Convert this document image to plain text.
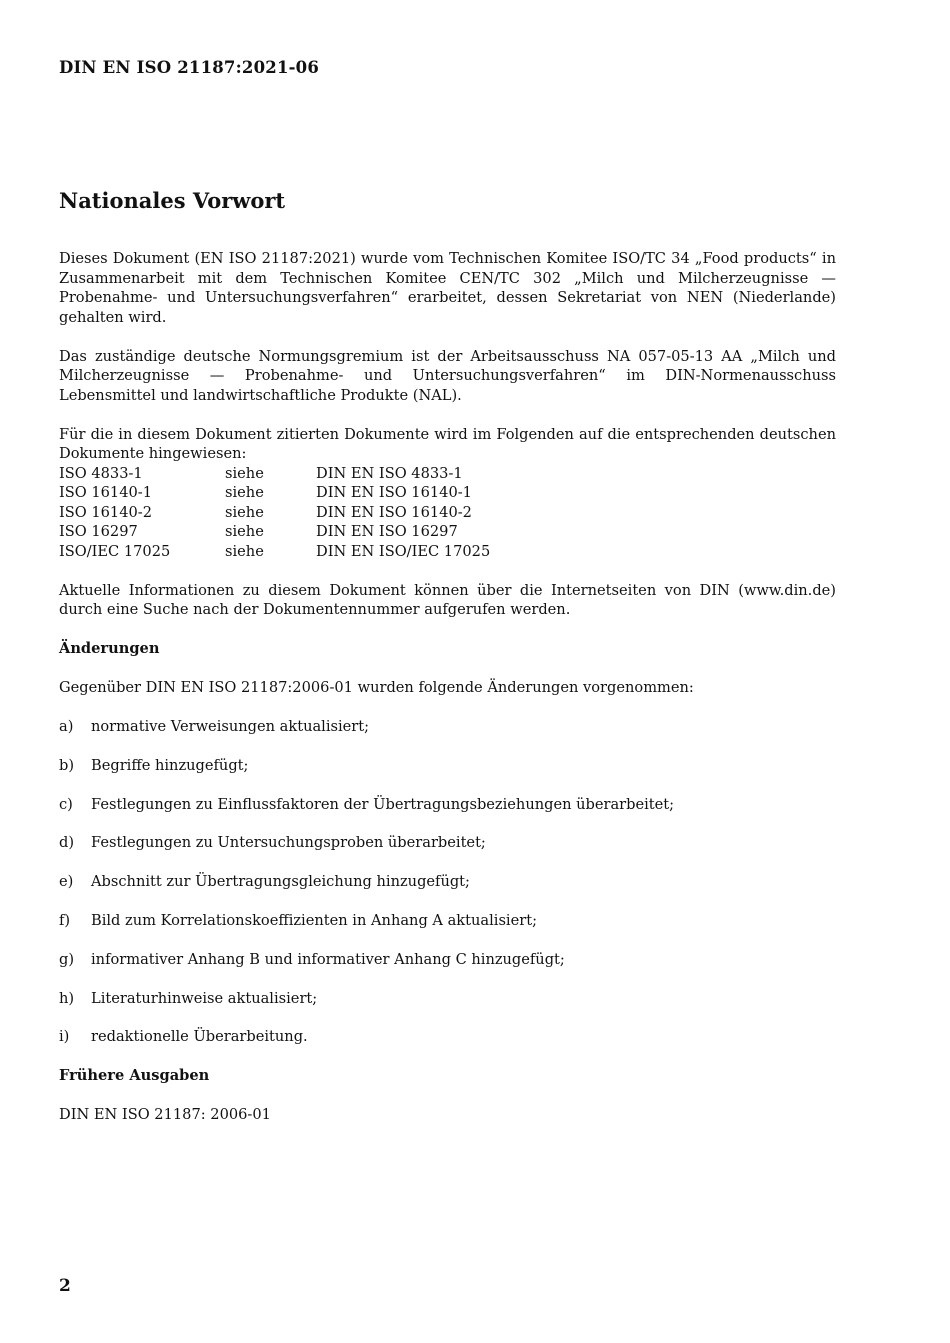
DIN EN ISO 21187:2021-06
Nationales Vorwort

Dieses Dokument (EN ISO 21187:2021) wurde vom Technischen Komitee ISO/TC 34 „Food products“ in Zusammenarbeit mit dem Technischen Komitee CEN/TC 302 „Milch und Milcherzeugnisse — Probenahme- und Untersuchungsverfahren“ erarbeitet, dessen Sekretariat von NEN (Niederlande) gehalten wird.

Das zuständige deutsche Normungsgremium ist der Arbeitsausschuss NA 057-05-13 AA „Milch und Milcherzeugnisse — Probenahme- und Untersuchungsverfahren“ im DIN-Normenausschuss Lebensmittel und landwirtschaftliche Produkte (NAL).

Für die in diesem Dokument zitierten Dokumente wird im Folgenden auf die entsprechenden deutschen Dokumente hingewiesen:

ISO 4833-1	siehe	DIN EN ISO 4833-1
ISO 16140-1	siehe	DIN EN ISO 16140-1
ISO 16140-2	siehe	DIN EN ISO 16140-2
ISO 16297	siehe	DIN EN ISO 16297
ISO/IEC 17025	siehe	DIN EN ISO/IEC 17025

Aktuelle Informationen zu diesem Dokument können über die Internetseiten von DIN (www.din.de) durch eine Suche nach der Dokumentennummer aufgerufen werden.

Änderungen

Gegenüber DIN EN ISO 21187:2006-01 wurden folgende Änderungen vorgenommen:

a)	normative Verweisungen aktualisiert;
b)	Begriffe hinzugefügt;
c)	Festlegungen zu Einflussfaktoren der Übertragungsbeziehungen überarbeitet;
d)	Festlegungen zu Untersuchungsproben überarbeitet;
e)	Abschnitt zur Übertragungsgleichung hinzugefügt;
f)	Bild zum Korrelationskoeffizienten in Anhang A aktualisiert;
g)	informativer Anhang B und informativer Anhang C hinzugefügt;
h)	Literaturhinweise aktualisiert;
i)	redaktionelle Überarbeitung.
Frühere Ausgaben

DIN EN ISO 21187: 2006-01

2
